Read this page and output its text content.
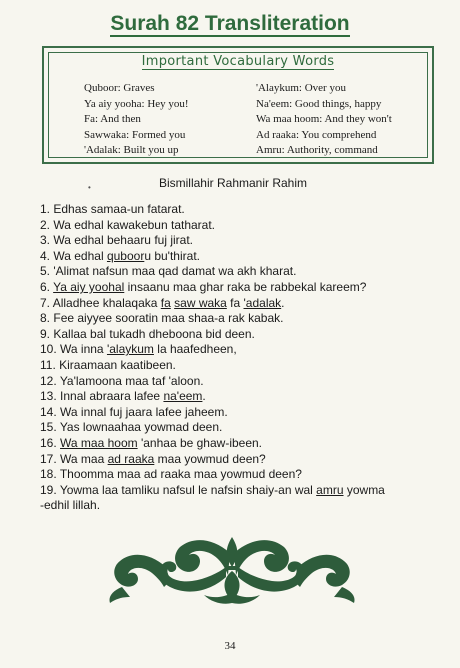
Surah 82 Transliteration
Important Vocabulary Words
Quboor: Graves
Ya aiy yooha: Hey you!
Fa: And then
Sawwaka: Formed you
'Adalak: Built you up
'Alaykum: Over you
Na'eem: Good things, happy
Wa maa hoom: And they won't
Ad raaka: You comprehend
Amru: Authority, command
•	Bismillahir Rahmanir Rahim
1. Edhas samaa-un fatarat.
2. Wa edhal kawakebun tatharat.
3. Wa edhal behaaru fuj jirat.
4. Wa edhal qubooru bu'thirat.
5. 'Alimat nafsun maa qad damat wa akh kharat.
6. Ya aiy yoohal insaanu maa ghar raka be rabbekal kareem?
7. Alladhee khalaqaka fa saw waka fa 'adalak.
8. Fee aiyyee sooratin maa shaa-a rak kabak.
9. Kallaa bal tukadh dheboona bid deen.
10. Wa inna 'alaykum la haafedheen,
11. Kiraamaan kaatibeen.
12. Ya'lamoona maa taf 'aloon.
13. Innal abraara lafee na'eem.
14. Wa innal fuj jaara lafee jaheem.
15. Yas lownaahaa yowmad deen.
16. Wa maa hoom 'anhaa be ghaw-ibeen.
17. Wa maa ad raaka maa yowmud deen?
18. Thoomma maa ad raaka maa yowmud deen?
19. Yowma laa tamliku nafsul le nafsin shaiy-an wal amru yowma
-edhil lillah.
34
